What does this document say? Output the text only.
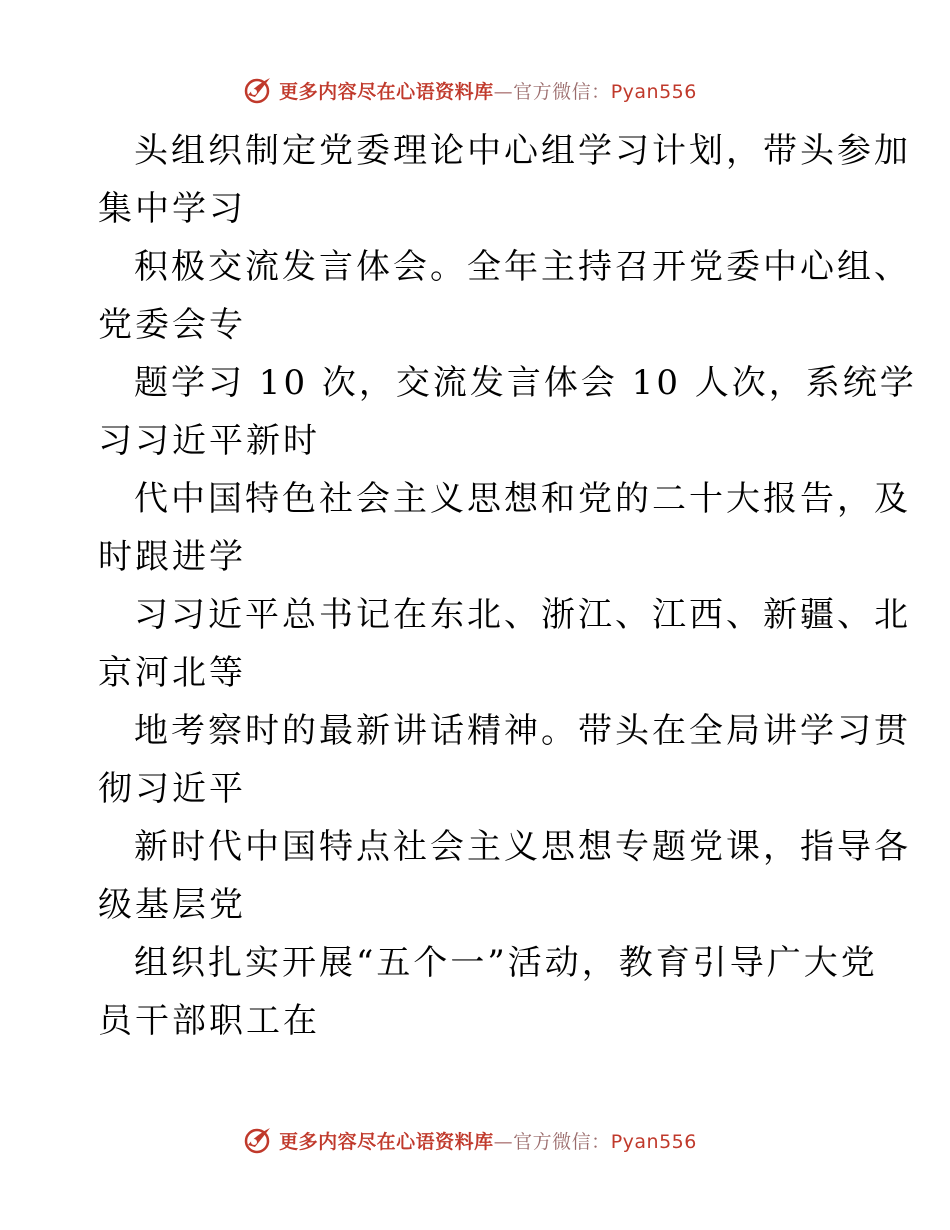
更多内容尽在心语资料库—官方微信：Pyan556
头组织制定党委理论中心组学习计划，带头参加
集中学习
积极交流发言体会。全年主持召开党委中心组、
党委会专
题学习 10 次，交流发言体会 10 人次，系统学
习习近平新时
代中国特色社会主义思想和党的二十大报告，及
时跟进学
习习近平总书记在东北、浙江、江西、新疆、北
京河北等
地考察时的最新讲话精神。带头在全局讲学习贯
彻习近平
新时代中国特点社会主义思想专题党课，指导各
级基层党
组织扎实开展“五个一”活动，教育引导广大党
员干部职工在
更多内容尽在心语资料库—官方微信：Pyan556
